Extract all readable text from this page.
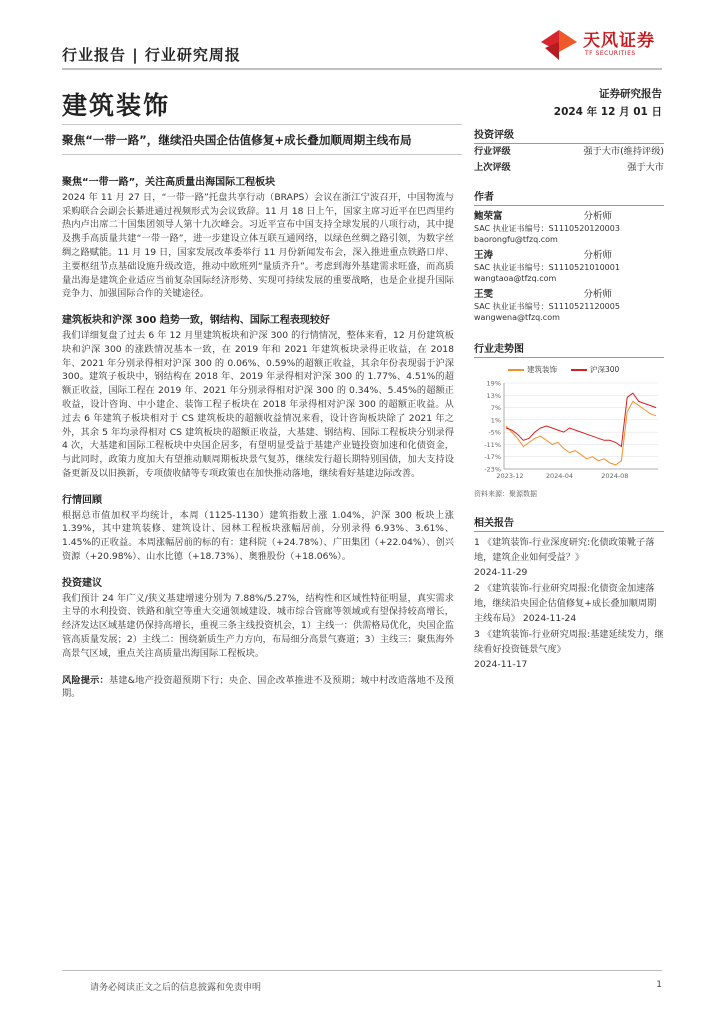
行业报告 | 行业研究周报
天风证券
TF SECURITIES
建筑装饰	证券研究报告
2024 年 12 月 01 日
聚焦“一带一路”，继续沿央国企估值修复+成长叠加顺周期主线布局
聚焦“一带一路”，关注高质量出海国际工程板块
2024 年 11 月 27 日，“一带一路”托盘共享行动（BRAPS）会议在浙江宁波召开，中国物流与采购联合会副会长綦进通过视频形式为会议致辞。11 月 18 日上午，国家主席习近平在巴西里约热内卢出席二十国集团领导人第十九次峰会。习近平宣布中国支持全球发展的八项行动，其中提及携手高质量共建“一带一路”，进一步建设立体互联互通网络，以绿色丝绸之路引领，为数字丝绸之路赋能。11 月 19 日，国家发展改革委举行 11 月份新闻发布会，深入推进重点铁路口岸、主要枢纽节点基础设施升级改造，推动中欧班列“量质齐升”。考虑到海外基建需求旺盛，而高质量出海是建筑企业适应当前复杂国际经济形势、实现可持续发展的重要战略，也是企业提升国际竞争力、加强国际合作的关键途径。
建筑板块和沪深 300 趋势一致，钢结构、国际工程表现较好
我们详细复盘了过去 6 年 12 月里建筑板块和沪深 300 的行情情况，整体来看，12 月份建筑板块和沪深 300 的涨跌情况基本一致，在 2019 年和 2021 年建筑板块录得正收益，在 2018 年、2021 年分别录得相对沪深 300 的 0.06%、0.59%的超额正收益，其余年份表现弱于沪深 300。建筑子板块中，钢结构在 2018 年、2019 年录得相对沪深 300 的 1.77%、4.51%的超额正收益，国际工程在 2019 年、2021 年分别录得相对沪深 300 的 0.34%、5.45%的超额正收益，设计咨询、中小建企、装饰工程子板块在 2018 年录得相对沪深 300 的超额正收益。从过去 6 年建筑子板块相对于 CS 建筑板块的超额收益情况来看，设计咨询板块除了 2021 年之外，其余 5 年均录得相对 CS 建筑板块的超额正收益，大基建、钢结构、国际工程板块分别录得 4 次，大基建和国际工程板块中央国企居多，有望明显受益于基建产业链投资加速和化债资金，与此同时，政策力度加大有望推动顺周期板块景气复苏，继续发行超长期特别国债，加大支持设备更新及以旧换新，专项债收储等专项政策也在加快推动落地，继续看好基建边际改善。
行情回顾
根据总市值加权平均统计，本周（1125-1130）建筑指数上涨 1.04%，沪深 300 板块上涨 1.39%，其中建筑装修、建筑设计、园林工程板块涨幅居前，分别录得 6.93%、3.61%、1.45%的正收益。本周涨幅居前的标的有：建科院（+24.78%）、广田集团（+22.04%）、创兴资源（+20.98%）、山水比德（+18.73%）、奥雅股份（+18.06%）。
投资建议
我们预计 24 年广义/狭义基建增速分别为 7.88%/5.27%，结构性和区域性特征明显，真实需求主导的水利投资、铁路和航空等重大交通领域建设、城市综合管廊等领域或有望保持较高增长，经济发达区域基建仍保持高增长，重视三条主线投资机会，1）主线一：供需格局优化，央国企监管高质量发展；2）主线二：围绕新质生产力方向，布局细分高景气赛道；3）主线三：聚焦海外高景气区域，重点关注高质量出海国际工程板块。
风险提示：基建&地产投资超预期下行；央企、国企改革推进不及预期；城中村改造落地不及预期。
投资评级
行业评级	强于大市(维持评级)
上次评级	强于大市
作者
鲍荣富	分析师
SAC 执业证书编号：S1110520120003
baorongfu@tfzq.com
王涛	分析师
SAC 执业证书编号：S1110521010001
wangtaoa@tfzq.com
王雯	分析师
SAC 执业证书编号：S1110521120005
wangwena@tfzq.com
行业走势图
建筑装饰	沪深300
19%
13%
7%
1%
-5%
-11%
-17%
-23%
2023-12	2024-04	2024-08
资料来源：聚源数据
相关报告
1 《建筑装饰-行业深度研究:化债政策靴子落地，建筑企业如何受益？》
2024-11-29
2 《建筑装饰-行业研究周报:化债资金加速落地，继续沿央国企估值修复+成长叠加顺周期主线布局》 2024-11-24
3 《建筑装饰-行业研究周报:基建延续发力，继续看好投资链景气度》
2024-11-17
请务必阅读正文之后的信息披露和免责申明	1
